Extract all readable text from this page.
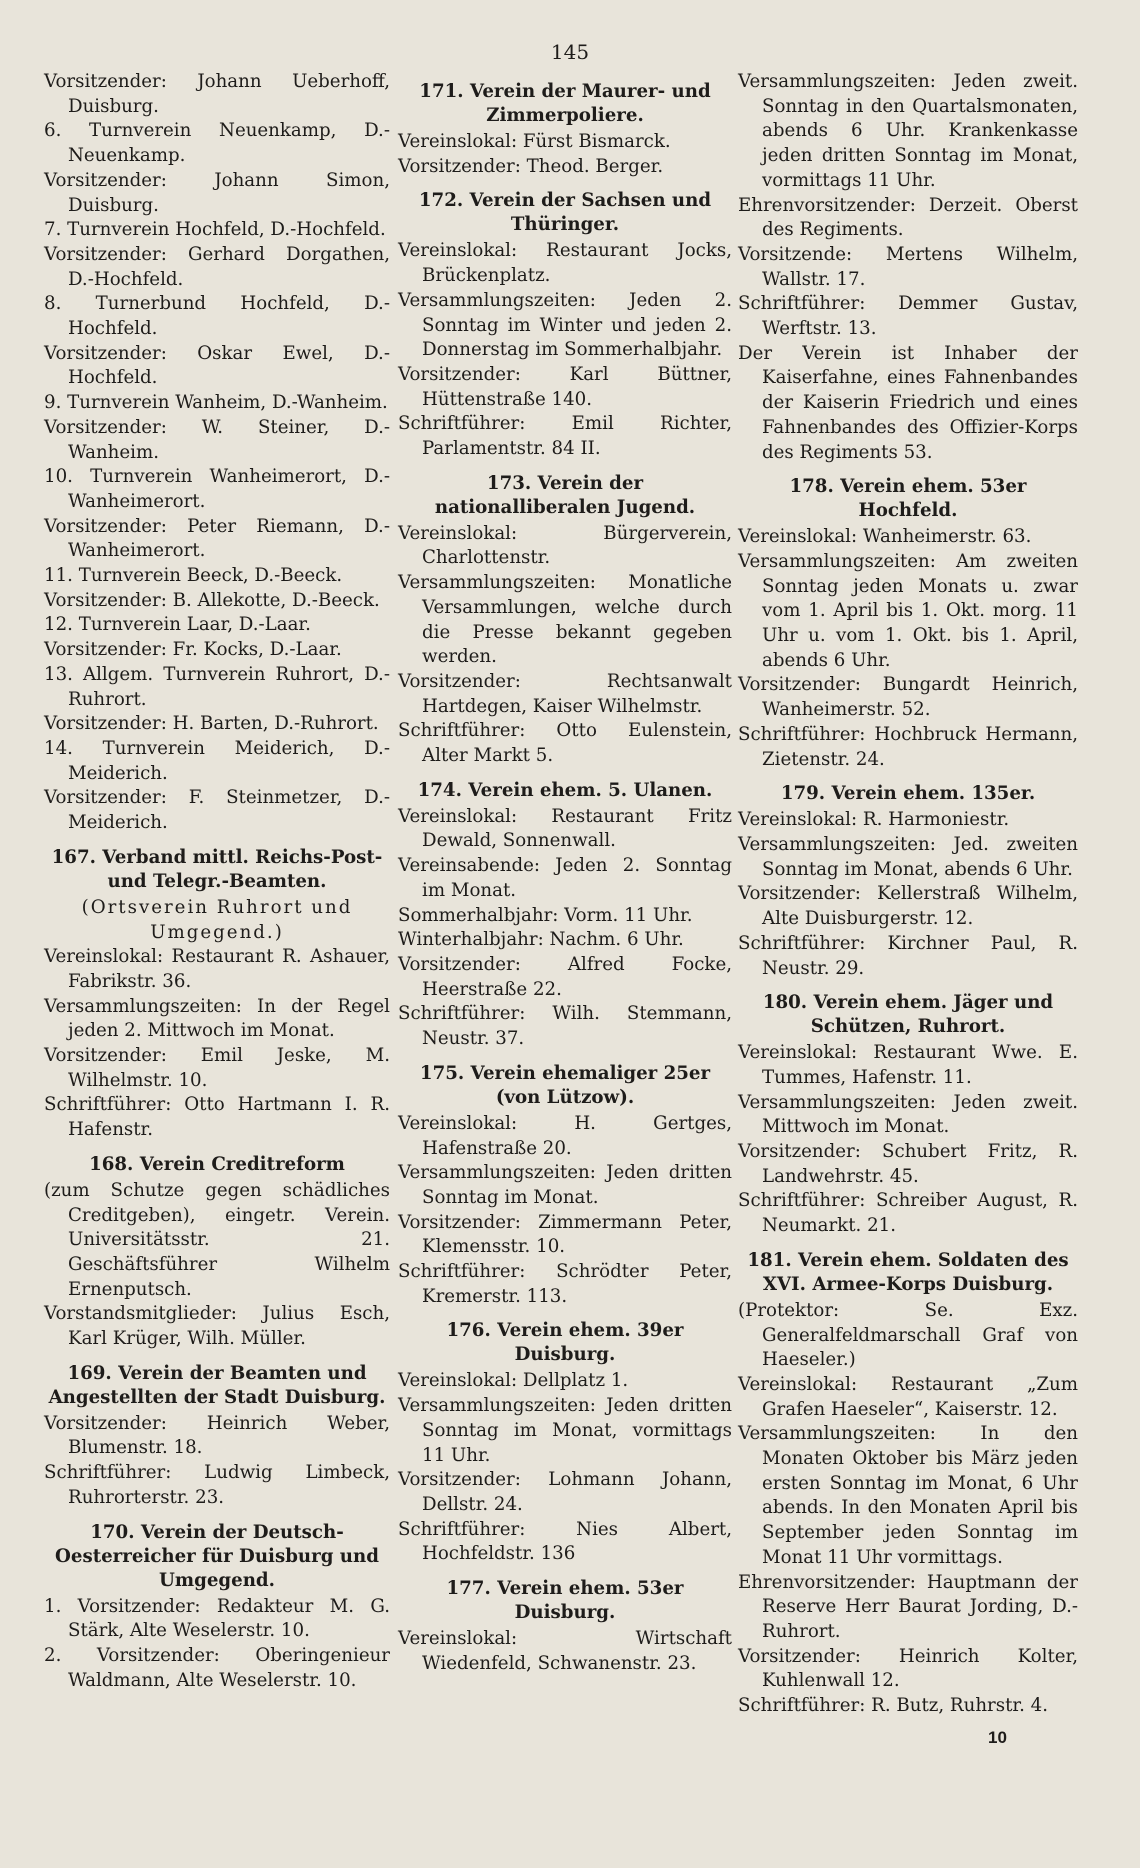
145
Vorsitzender: Johann Ueberhoff, Duisburg.
6. Turnverein Neuenkamp, D.-Neuenkamp.
Vorsitzender: Johann Simon, Duisburg.
7. Turnverein Hochfeld, D.-Hochfeld.
Vorsitzender: Gerhard Dorgathen, D.-Hochfeld.
8. Turnerbund Hochfeld, D.-Hochfeld.
Vorsitzender: Oskar Ewel, D.-Hochfeld.
9. Turnverein Wanheim, D.-Wanheim.
Vorsitzender: W. Steiner, D.-Wanheim.
10. Turnverein Wanheimerort, D.-Wanheimerort.
Vorsitzender: Peter Riemann, D.-Wanheimerort.
11. Turnverein Beeck, D.-Beeck.
Vorsitzender: B. Allekotte, D.-Beeck.
12. Turnverein Laar, D.-Laar.
Vorsitzender: Fr. Kocks, D.-Laar.
13. Allgem. Turnverein Ruhrort, D.-Ruhrort.
Vorsitzender: H. Barten, D.-Ruhrort.
14. Turnverein Meiderich, D.-Meiderich.
Vorsitzender: F. Steinmetzer, D.-Meiderich.
167. Verband mittl. Reichs-Post- und Telegr.-Beamten.
(Ortsverein Ruhrort und Umgegend.)
Vereinslokal: Restaurant R. Ashauer, Fabrikstr. 36.
Versammlungszeiten: In der Regel jeden 2. Mittwoch im Monat.
Vorsitzender: Emil Jeske, M. Wilhelmstr. 10.
Schriftführer: Otto Hartmann I. R. Hafenstr.
168. Verein Creditreform
(zum Schutze gegen schädliches Creditgeben), eingetr. Verein. Universitätsstr. 21. Geschäftsführer Wilhelm Ernenputsch.
Vorstandsmitglieder: Julius Esch, Karl Krüger, Wilh. Müller.
169. Verein der Beamten und Angestellten der Stadt Duisburg.
Vorsitzender: Heinrich Weber, Blumenstr. 18.
Schriftführer: Ludwig Limbeck, Ruhrorterstr. 23.
170. Verein der Deutsch-Oesterreicher für Duisburg und Umgegend.
1. Vorsitzender: Redakteur M. G. Stärk, Alte Weselerstr. 10.
2. Vorsitzender: Oberingenieur Waldmann, Alte Weselerstr. 10.
171. Verein der Maurer- und Zimmerpoliere.
Vereinslokal: Fürst Bismarck.
Vorsitzender: Theod. Berger.
172. Verein der Sachsen und Thüringer.
Vereinslokal: Restaurant Jocks, Brückenplatz.
Versammlungszeiten: Jeden 2. Sonntag im Winter und jeden 2. Donnerstag im Sommerhalbjahr.
Vorsitzender: Karl Büttner, Hüttenstraße 140.
Schriftführer: Emil Richter, Parlamentstr. 84 II.
173. Verein der nationalliberalen Jugend.
Vereinslokal: Bürgerverein, Charlottenstr.
Versammlungszeiten: Monatliche Versammlungen, welche durch die Presse bekannt gegeben werden.
Vorsitzender: Rechtsanwalt Hartdegen, Kaiser Wilhelmstr.
Schriftführer: Otto Eulenstein, Alter Markt 5.
174. Verein ehem. 5. Ulanen.
Vereinslokal: Restaurant Fritz Dewald, Sonnenwall.
Vereinsabende: Jeden 2. Sonntag im Monat.
Sommerhalbjahr: Vorm. 11 Uhr.
Winterhalbjahr: Nachm. 6 Uhr.
Vorsitzender: Alfred Focke, Heerstraße 22.
Schriftführer: Wilh. Stemmann, Neustr. 37.
175. Verein ehemaliger 25er (von Lützow).
Vereinslokal: H. Gertges, Hafenstraße 20.
Versammlungszeiten: Jeden dritten Sonntag im Monat.
Vorsitzender: Zimmermann Peter, Klemensstr. 10.
Schriftführer: Schrödter Peter, Kremerstr. 113.
176. Verein ehem. 39er Duisburg.
Vereinslokal: Dellplatz 1.
Versammlungszeiten: Jeden dritten Sonntag im Monat, vormittags 11 Uhr.
Vorsitzender: Lohmann Johann, Dellstr. 24.
Schriftführer: Nies Albert, Hochfeldstr. 136
177. Verein ehem. 53er Duisburg.
Vereinslokal: Wirtschaft Wiedenfeld, Schwanenstr. 23.
Versammlungszeiten: Jeden zweit. Sonntag in den Quartalsmonaten, abends 6 Uhr. Krankenkasse jeden dritten Sonntag im Monat, vormittags 11 Uhr.
Ehrenvorsitzender: Derzeit. Oberst des Regiments.
Vorsitzende: Mertens Wilhelm, Wallstr. 17.
Schriftführer: Demmer Gustav, Werftstr. 13.
Der Verein ist Inhaber der Kaiserfahne, eines Fahnenbandes der Kaiserin Friedrich und eines Fahnenbandes des Offizier-Korps des Regiments 53.
178. Verein ehem. 53er Hochfeld.
Vereinslokal: Wanheimerstr. 63.
Versammlungszeiten: Am zweiten Sonntag jeden Monats u. zwar vom 1. April bis 1. Okt. morg. 11 Uhr u. vom 1. Okt. bis 1. April, abends 6 Uhr.
Vorsitzender: Bungardt Heinrich, Wanheimerstr. 52.
Schriftführer: Hochbruck Hermann, Zietenstr. 24.
179. Verein ehem. 135er.
Vereinslokal: R. Harmoniestr.
Versammlungszeiten: Jed. zweiten Sonntag im Monat, abends 6 Uhr.
Vorsitzender: Kellerstraß Wilhelm, Alte Duisburgerstr. 12.
Schriftführer: Kirchner Paul, R. Neustr. 29.
180. Verein ehem. Jäger und Schützen, Ruhrort.
Vereinslokal: Restaurant Wwe. E. Tummes, Hafenstr. 11.
Versammlungszeiten: Jeden zweit. Mittwoch im Monat.
Vorsitzender: Schubert Fritz, R. Landwehrstr. 45.
Schriftführer: Schreiber August, R. Neumarkt. 21.
181. Verein ehem. Soldaten des XVI. Armee-Korps Duisburg.
(Protektor: Se. Exz. Generalfeldmarschall Graf von Haeseler.)
Vereinslokal: Restaurant „Zum Grafen Haeseler“, Kaiserstr. 12.
Versammlungszeiten: In den Monaten Oktober bis März jeden ersten Sonntag im Monat, 6 Uhr abends. In den Monaten April bis September jeden Sonntag im Monat 11 Uhr vormittags.
Ehrenvorsitzender: Hauptmann der Reserve Herr Baurat Jording, D.-Ruhrort.
Vorsitzender: Heinrich Kolter, Kuhlenwall 12.
Schriftführer: R. Butz, Ruhrstr. 4.
10
